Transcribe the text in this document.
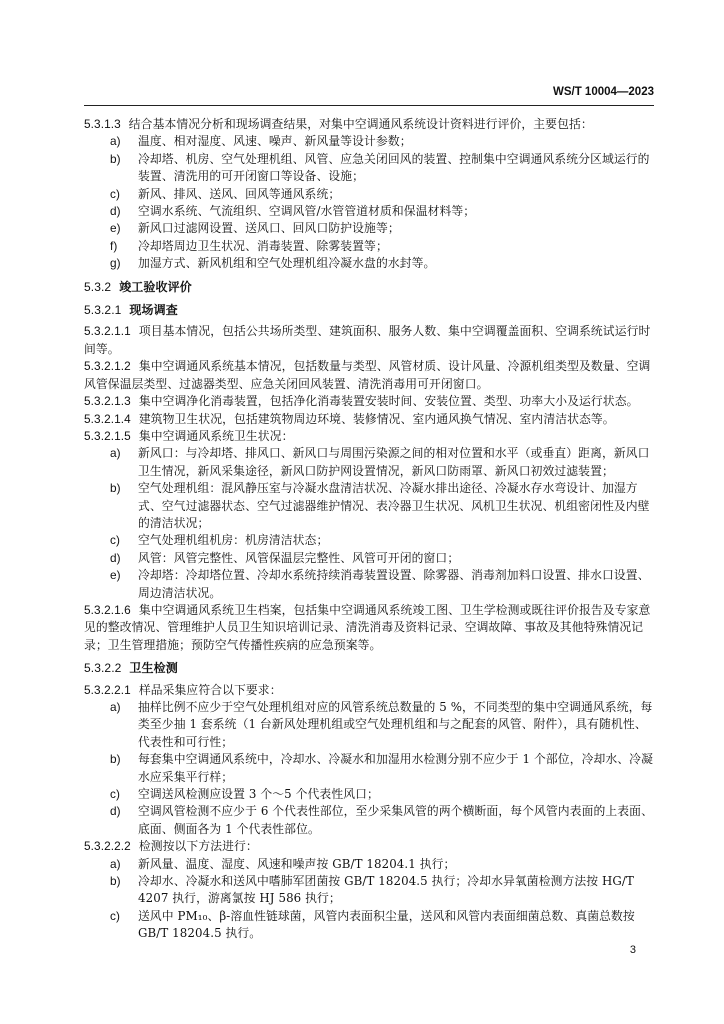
WS/T 10004—2023

5.3.1.3 结合基本情况分析和现场调查结果，对集中空调通风系统设计资料进行评价，主要包括：

a)	温度、相对湿度、风速、噪声、新风量等设计参数；
b)	冷却塔、机房、空气处理机组、风管、应急关闭回风的装置、控制集中空调通风系统分区域运行的装置、清洗用的可开闭窗口等设备、设施；
c)	新风、排风、送风、回风等通风系统；
d)	空调水系统、气流组织、空调风管/水管管道材质和保温材料等；
e)	新风口过滤网设置、送风口、回风口防护设施等；
f)	冷却塔周边卫生状况、消毒装置、除雾装置等；
g)	加湿方式、新风机组和空气处理机组冷凝水盘的水封等。
5.3.2 竣工验收评价
5.3.2.1 现场调查

5.3.2.1.1 项目基本情况，包括公共场所类型、建筑面积、服务人数、集中空调覆盖面积、空调系统试运行时间等。

5.3.2.1.2 集中空调通风系统基本情况，包括数量与类型、风管材质、设计风量、冷源机组类型及数量、空调风管保温层类型、过滤器类型、应急关闭回风装置、清洗消毒用可开闭窗口。

5.3.2.1.3 集中空调净化消毒装置，包括净化消毒装置安装时间、安装位置、类型、功率大小及运行状态。

5.3.2.1.4 建筑物卫生状况，包括建筑物周边环境、装修情况、室内通风换气情况、室内清洁状态等。

5.3.2.1.5 集中空调通风系统卫生状况：

a)	新风口：与冷却塔、排风口、新风口与周围污染源之间的相对位置和水平（或垂直）距离，新风口卫生情况，新风采集途径，新风口防护网设置情况，新风口防雨罩、新风口初效过滤装置；
b)	空气处理机组：混风静压室与冷凝水盘清洁状况、冷凝水排出途径、冷凝水存水弯设计、加湿方式、空气过滤器状态、空气过滤器维护情况、表冷器卫生状况、风机卫生状况、机组密闭性及内壁的清洁状况；
c)	空气处理机组机房：机房清洁状态；
d)	风管：风管完整性、风管保温层完整性、风管可开闭的窗口；
e)	冷却塔：冷却塔位置、冷却水系统持续消毒装置设置、除雾器、消毒剂加料口设置、排水口设置、周边清洁状况。

5.3.2.1.6 集中空调通风系统卫生档案，包括集中空调通风系统竣工图、卫生学检测或既往评价报告及专家意见的整改情况、管理维护人员卫生知识培训记录、清洗消毒及资料记录、空调故障、事故及其他特殊情况记录；卫生管理措施；预防空气传播性疾病的应急预案等。

5.3.2.2 卫生检测

5.3.2.2.1 样品采集应符合以下要求：

a)	抽样比例不应少于空气处理机组对应的风管系统总数量的 5 %，不同类型的集中空调通风系统，每类至少抽 1 套系统（1 台新风处理机组或空气处理机组和与之配套的风管、附件），具有随机性、代表性和可行性；
b)	每套集中空调通风系统中，冷却水、冷凝水和加湿用水检测分别不应少于 1 个部位，冷却水、冷凝水应采集平行样；
c)	空调送风检测应设置 3 个～5 个代表性风口；
d)	空调风管检测不应少于 6 个代表性部位，至少采集风管的两个横断面，每个风管内表面的上表面、底面、侧面各为 1 个代表性部位。

5.3.2.2.2 检测按以下方法进行：

a)	新风量、温度、湿度、风速和噪声按 GB/T 18204.1 执行；
b)	冷却水、冷凝水和送风中嗜肺军团菌按 GB/T 18204.5 执行；冷却水异氧菌检测方法按 HG/T 4207 执行，游离氯按 HJ 586 执行；
c)	送风中 PM₁₀、β-溶血性链球菌，风管内表面积尘量，送风和风管内表面细菌总数、真菌总数按 GB/T 18204.5 执行。
3
